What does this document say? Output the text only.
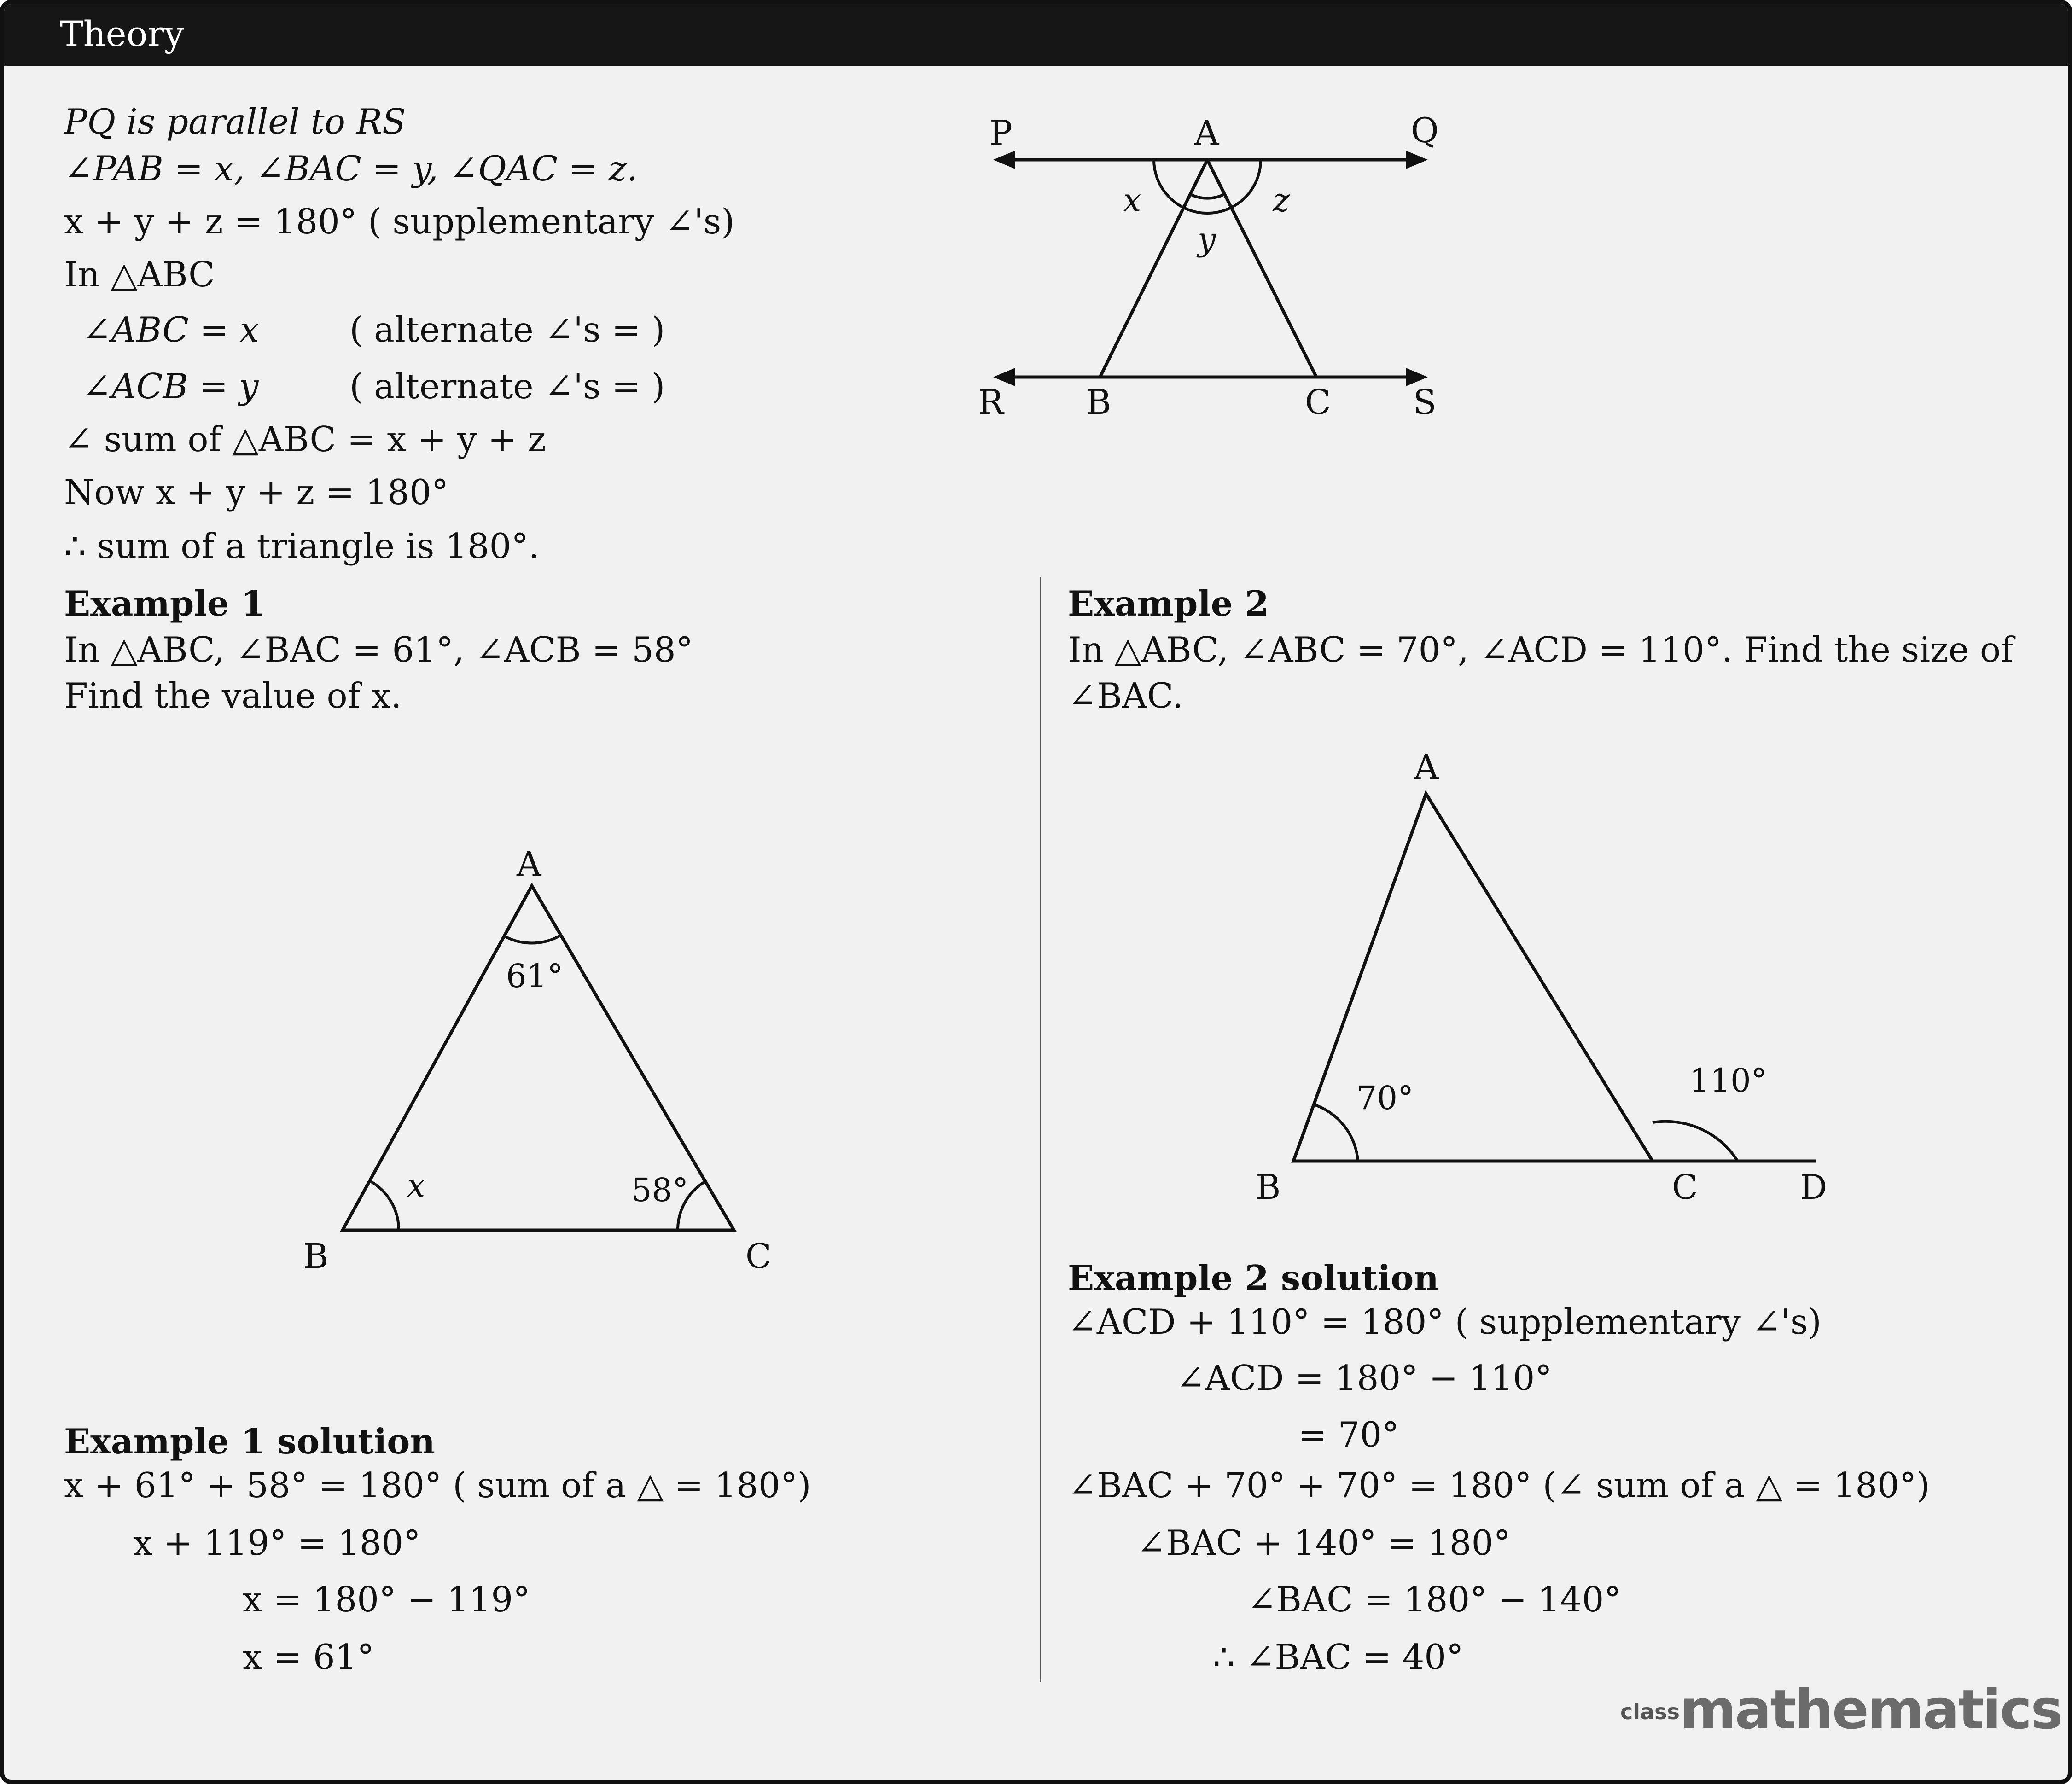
Theory
PQ is parallel to RS
∠PAB = x, ∠BAC = y, ∠QAC = z.
x + y + z = 180° ( supplementary ∠'s)
In △ABC
∠ABC = x	( alternate ∠'s = )
∠ACB = y	( alternate ∠'s = )
∠ sum of △ABC = x + y + z
Now x + y + z = 180°
∴ sum of a triangle is 180°.
P	A	Q
R B	C S
x
y
z
Example 1
In △ABC, ∠BAC = 61°, ∠ACB = 58°
Find the value of x.
A
B	C
61°
x	58°
Example 1 solution
x + 61° + 58° = 180° ( sum of a △ = 180°)
x + 119° = 180°
x = 180° − 119°
x = 61°
Example 2
In △ABC, ∠ABC = 70°, ∠ACD = 110°. Find the size of
∠BAC.
A
B	C	D
70°	110°
Example 2 solution
∠ACD + 110° = 180° ( supplementary ∠'s)
∠ACD = 180° − 110°
= 70°
∠BAC + 70° + 70° = 180° (∠ sum of a △ = 180°)
∠BAC + 140° = 180°
∠BAC = 180° − 140°
∴ ∠BAC = 40°
classmathematics
